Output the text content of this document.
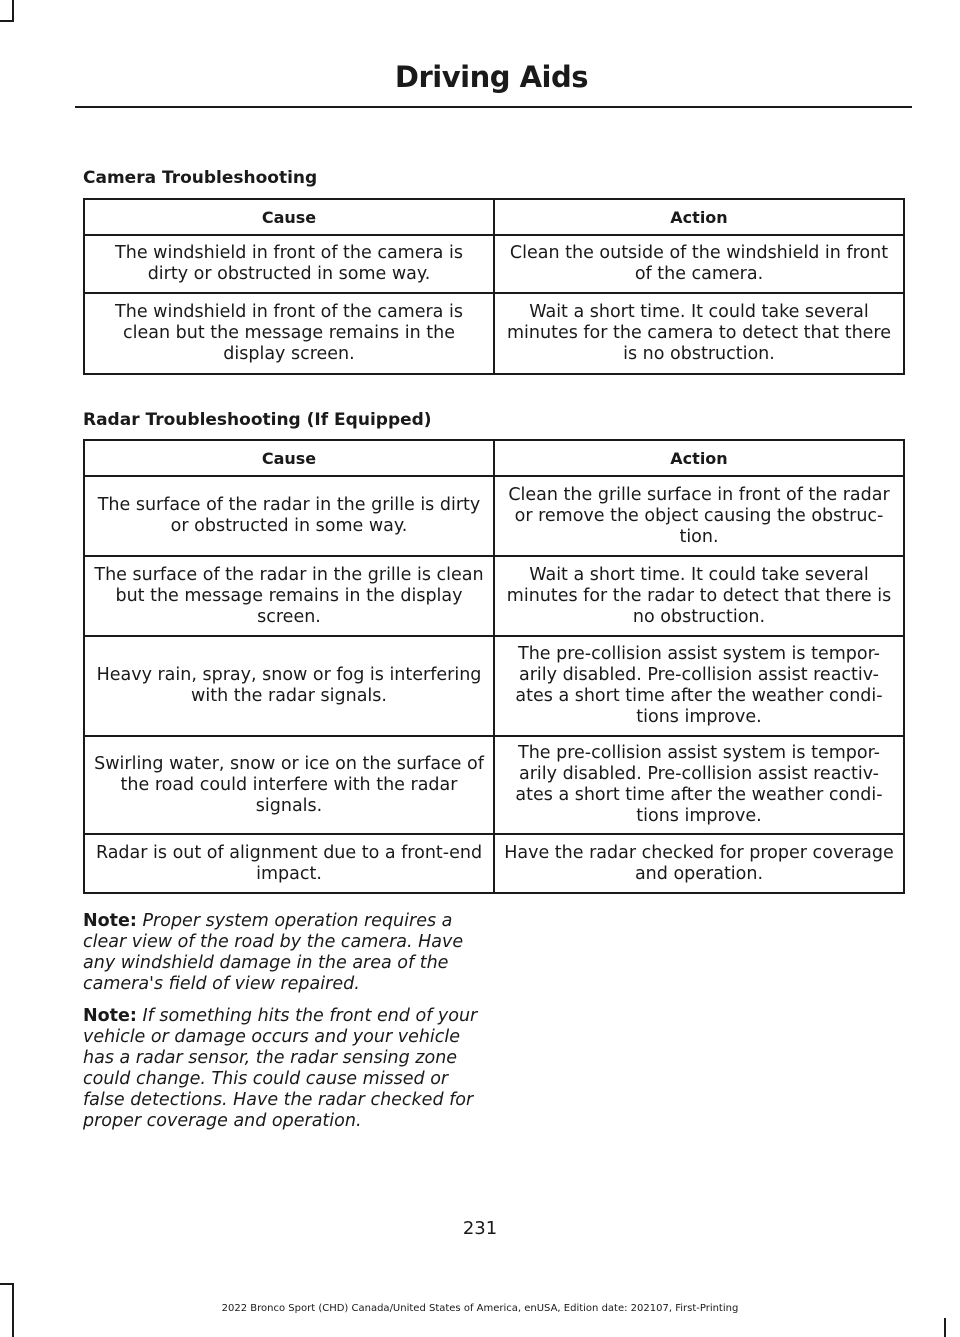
Driving Aids
Camera Troubleshooting
Cause	Action
The windshield in front of the camera is dirty or obstructed in some way.	Clean the outside of the windshield in front of the camera.
The windshield in front of the camera is clean but the message remains in the display screen.	Wait a short time. It could take several minutes for the camera to detect that there is no obstruction.
Radar Troubleshooting (If Equipped)
Cause	Action
The surface of the radar in the grille is dirty or obstructed in some way.	Clean the grille surface in front of the radar or remove the object causing the obstruc-tion.
The surface of the radar in the grille is clean but the message remains in the display screen.	Wait a short time. It could take several minutes for the radar to detect that there is no obstruction.
Heavy rain, spray, snow or fog is interfering with the radar signals.	The pre-collision assist system is tempor-arily disabled. Pre-collision assist reactiv-ates a short time after the weather condi-tions improve.
Swirling water, snow or ice on the surface of the road could interfere with the radar signals.	The pre-collision assist system is tempor-arily disabled. Pre-collision assist reactiv-ates a short time after the weather condi-tions improve.
Radar is out of alignment due to a front-end impact.	Have the radar checked for proper coverage and operation.
Note: Proper system operation requires a clear view of the road by the camera. Have any windshield damage in the area of the camera's field of view repaired.
Note: If something hits the front end of your vehicle or damage occurs and your vehicle has a radar sensor, the radar sensing zone could change. This could cause missed or false detections. Have the radar checked for proper coverage and operation.
231
2022 Bronco Sport (CHD) Canada/United States of America, enUSA, Edition date: 202107, First-Printing
